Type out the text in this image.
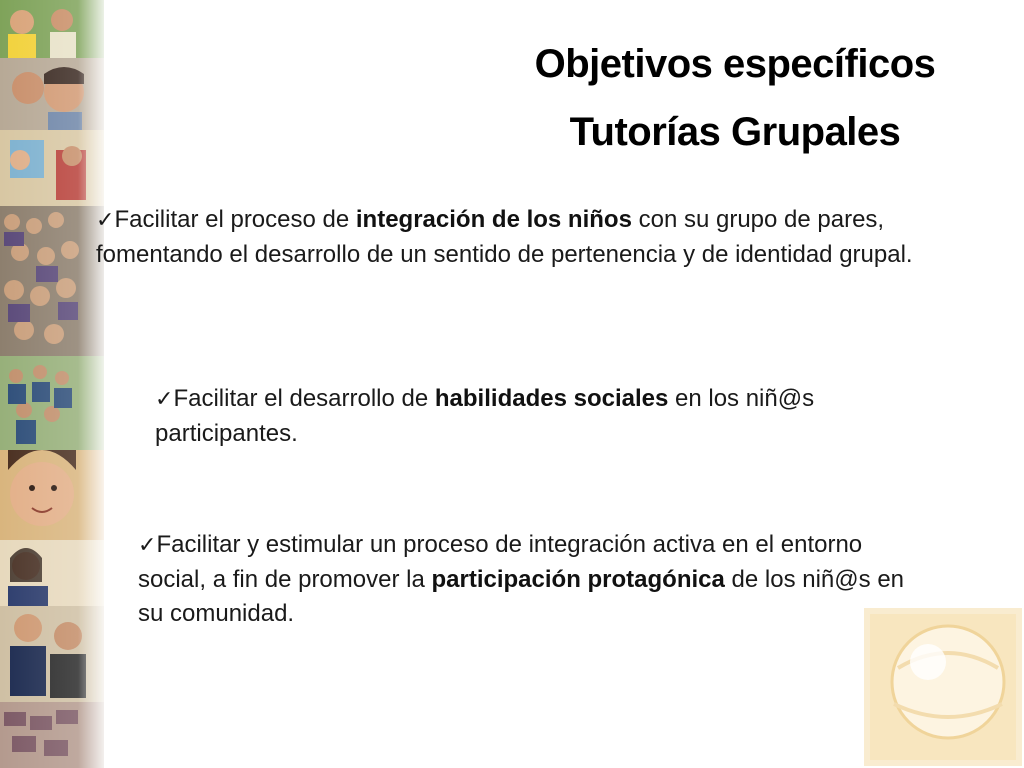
Objetivos específicos
Tutorías Grupales

✓Facilitar el proceso de integración de los niños con su grupo de pares, fomentando el desarrollo de un sentido de pertenencia y de identidad grupal.

✓Facilitar el desarrollo de habilidades sociales en los niñ@s participantes.

✓Facilitar y estimular un proceso de integración activa en el entorno social, a fin de promover la participación protagónica de los niñ@s en su comunidad.
